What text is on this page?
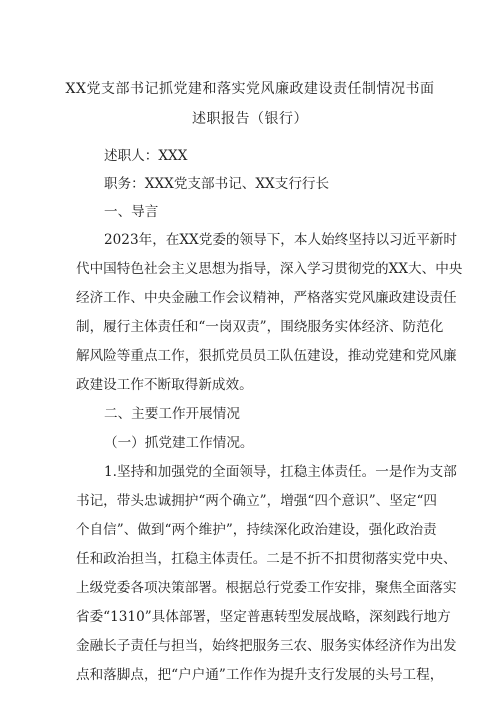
XX党支部书记抓党建和落实党风廉政建设责任制情况书面
述职报告（银行）
述职人：XXX
职务：XXX党支部书记、XX支行行长
一、导言
2023年，在XX党委的领导下，本人始终坚持以习近平新时
代中国特色社会主义思想为指导，深入学习贯彻党的XX大、中央
经济工作、中央金融工作会议精神，严格落实党风廉政建设责任
制，履行主体责任和“一岗双责”，围绕服务实体经济、防范化
解风险等重点工作，狠抓党员员工队伍建设，推动党建和党风廉
政建设工作不断取得新成效。
二、主要工作开展情况
（一）抓党建工作情况。
1.坚持和加强党的全面领导，扛稳主体责任。一是作为支部
书记，带头忠诚拥护“两个确立”，增强“四个意识”、坚定“四
个自信”、做到“两个维护”，持续深化政治建设，强化政治责
任和政治担当，扛稳主体责任。二是不折不扣贯彻落实党中央、
上级党委各项决策部署。根据总行党委工作安排，聚焦全面落实
省委“1310”具体部署，坚定普惠转型发展战略，深刻践行地方
金融长子责任与担当，始终把服务三农、服务实体经济作为出发
点和落脚点，把“户户通”工作作为提升支行发展的头号工程，
